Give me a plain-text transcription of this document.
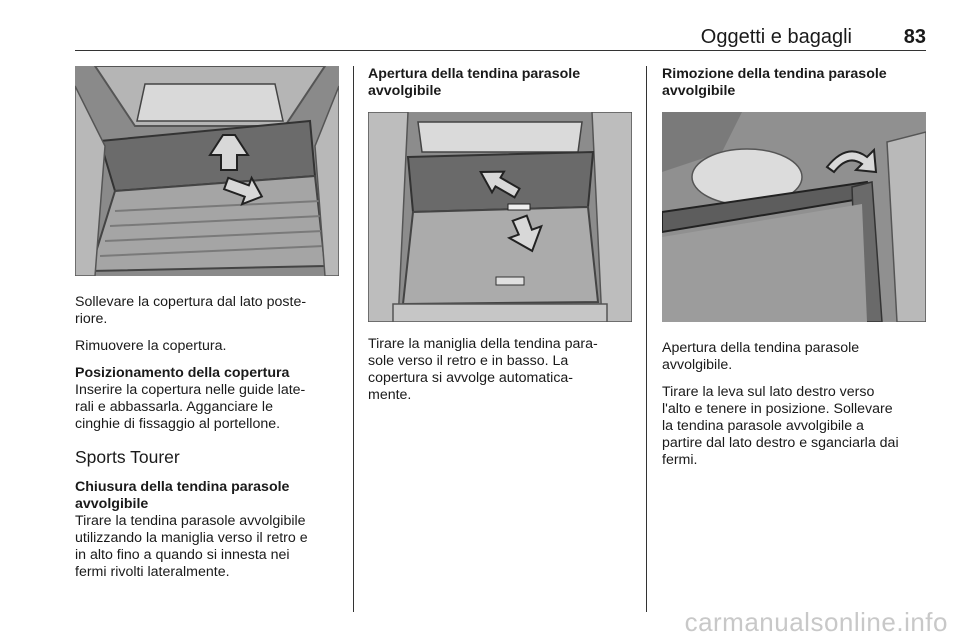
Oggetti e bagagli	83

Sollevare la copertura dal lato poste-
riore.

Rimuovere la copertura.

Posizionamento della copertura

Inserire la copertura nelle guide late-
rali e abbassarla. Agganciare le
cinghie di fissaggio al portellone.

Sports Tourer

Chiusura della tendina parasole
avvolgibile

Tirare la tendina parasole avvolgibile
utilizzando la maniglia verso il retro e
in alto fino a quando si innesta nei
fermi rivolti lateralmente.

Apertura della tendina parasole
avvolgibile

Tirare la maniglia della tendina para-
sole verso il retro e in basso. La
copertura si avvolge automatica-
mente.

Rimozione della tendina parasole
avvolgibile

Apertura della tendina parasole
avvolgibile.

Tirare la leva sul lato destro verso
l'alto e tenere in posizione. Sollevare
la tendina parasole avvolgibile a
partire dal lato destro e sganciarla dai
fermi.

carmanualsonline.info
